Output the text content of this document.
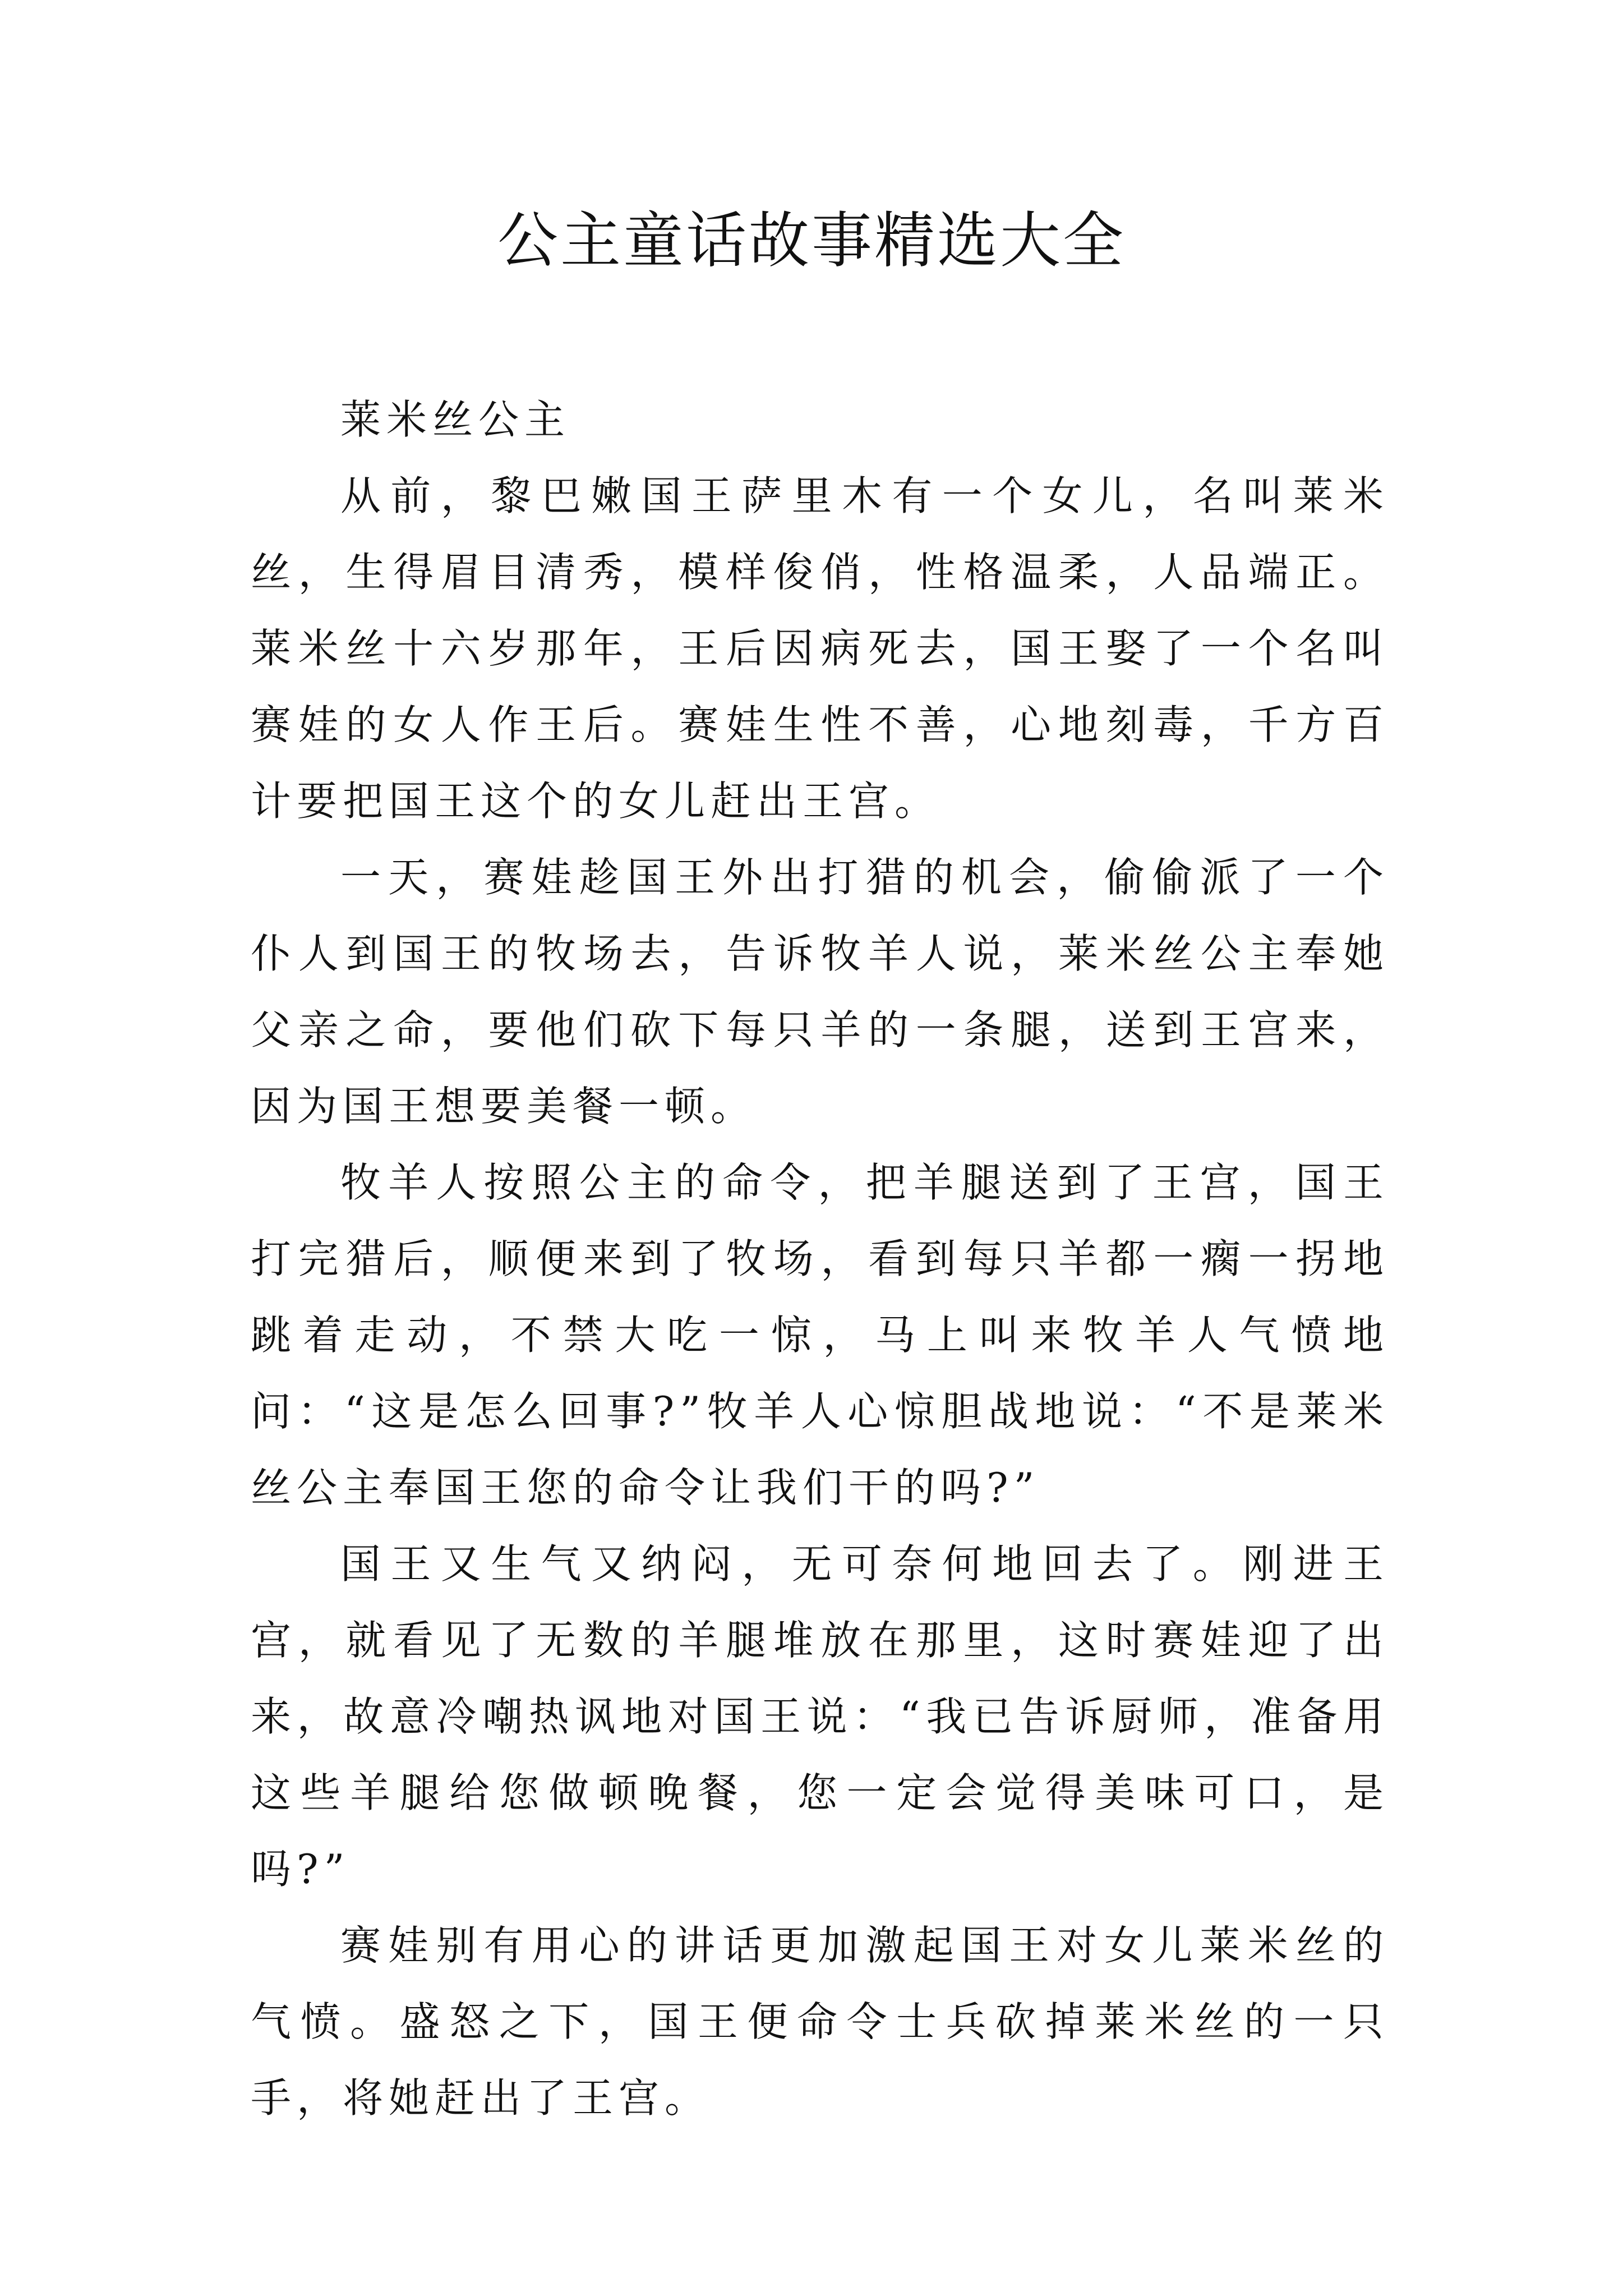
公主童话故事精选大全

莱米丝公主

从前，黎巴嫩国王萨里木有一个女儿，名叫莱米丝，生得眉目清秀，模样俊俏，性格温柔，人品端正。莱米丝十六岁那年，王后因病死去，国王娶了一个名叫赛娃的女人作王后。赛娃生性不善，心地刻毒，千方百计要把国王这个的女儿赶出王宫。

一天，赛娃趁国王外出打猎的机会，偷偷派了一个仆人到国王的牧场去，告诉牧羊人说，莱米丝公主奉她父亲之命，要他们砍下每只羊的一条腿，送到王宫来，因为国王想要美餐一顿。

牧羊人按照公主的命令，把羊腿送到了王宫，国王打完猎后，顺便来到了牧场，看到每只羊都一瘸一拐地跳着走动，不禁大吃一惊，马上叫来牧羊人气愤地问：“这是怎么回事?”牧羊人心惊胆战地说：“不是莱米丝公主奉国王您的命令让我们干的吗?”

国王又生气又纳闷，无可奈何地回去了。刚进王宫，就看见了无数的羊腿堆放在那里，这时赛娃迎了出来，故意冷嘲热讽地对国王说：“我已告诉厨师，准备用这些羊腿给您做顿晚餐，您一定会觉得美味可口，是吗?”

赛娃别有用心的讲话更加激起国王对女儿莱米丝的气愤。盛怒之下，国王便命令士兵砍掉莱米丝的一只手，将她赶出了王宫。
